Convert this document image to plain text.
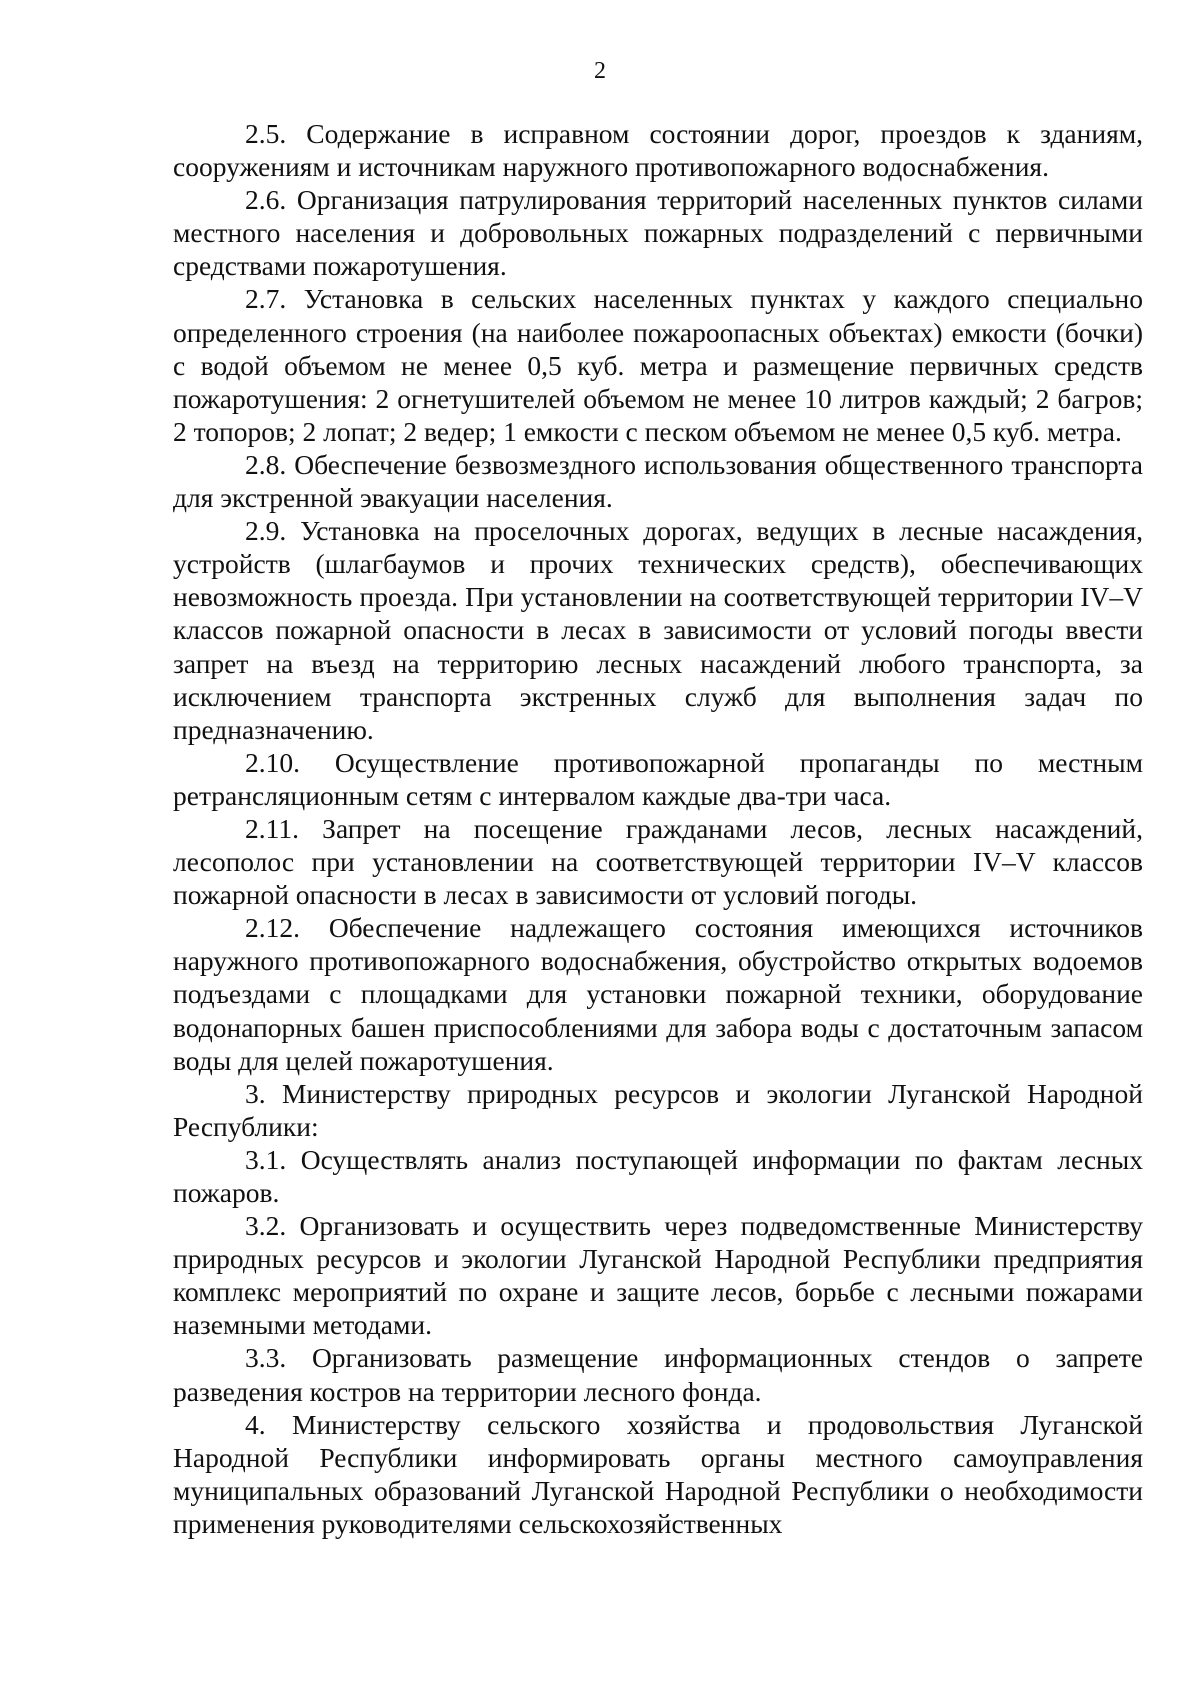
2

2.5. Содержание в исправном состоянии дорог, проездов к зданиям, сооружениям и источникам наружного противопожарного водоснабжения.

2.6. Организация патрулирования территорий населенных пунктов силами местного населения и добровольных пожарных подразделений с первичными средствами пожаротушения.

2.7. Установка в сельских населенных пунктах у каждого специально определенного строения (на наиболее пожароопасных объектах) емкости (бочки) с водой объемом не менее 0,5 куб. метра и размещение первичных средств пожаротушения: 2 огнетушителей объемом не менее 10 литров каждый; 2 багров; 2 топоров; 2 лопат; 2 ведер; 1 емкости с песком объемом не менее 0,5 куб. метра.

2.8. Обеспечение безвозмездного использования общественного транспорта для экстренной эвакуации населения.

2.9. Установка на проселочных дорогах, ведущих в лесные насаждения, устройств (шлагбаумов и прочих технических средств), обеспечивающих невозможность проезда. При установлении на соответствующей территории IV–V классов пожарной опасности в лесах в зависимости от условий погоды ввести запрет на въезд на территорию лесных насаждений любого транспорта, за исключением транспорта экстренных служб для выполнения задач по предназначению.

2.10. Осуществление противопожарной пропаганды по местным ретрансляционным сетям с интервалом каждые два-три часа.

2.11. Запрет на посещение гражданами лесов, лесных насаждений, лесополос при установлении на соответствующей территории IV–V классов пожарной опасности в лесах в зависимости от условий погоды.

2.12. Обеспечение надлежащего состояния имеющихся источников наружного противопожарного водоснабжения, обустройство открытых водоемов подъездами с площадками для установки пожарной техники, оборудование водонапорных башен приспособлениями для забора воды с достаточным запасом воды для целей пожаротушения.

3. Министерству природных ресурсов и экологии Луганской Народной Республики:

3.1. Осуществлять анализ поступающей информации по фактам лесных пожаров.

3.2. Организовать и осуществить через подведомственные Министерству природных ресурсов и экологии Луганской Народной Республики предприятия комплекс мероприятий по охране и защите лесов, борьбе с лесными пожарами наземными методами.

3.3. Организовать размещение информационных стендов о запрете разведения костров на территории лесного фонда.

4. Министерству сельского хозяйства и продовольствия Луганской Народной Республики информировать органы местного самоуправления муниципальных образований Луганской Народной Республики о необходимости применения руководителями сельскохозяйственных
